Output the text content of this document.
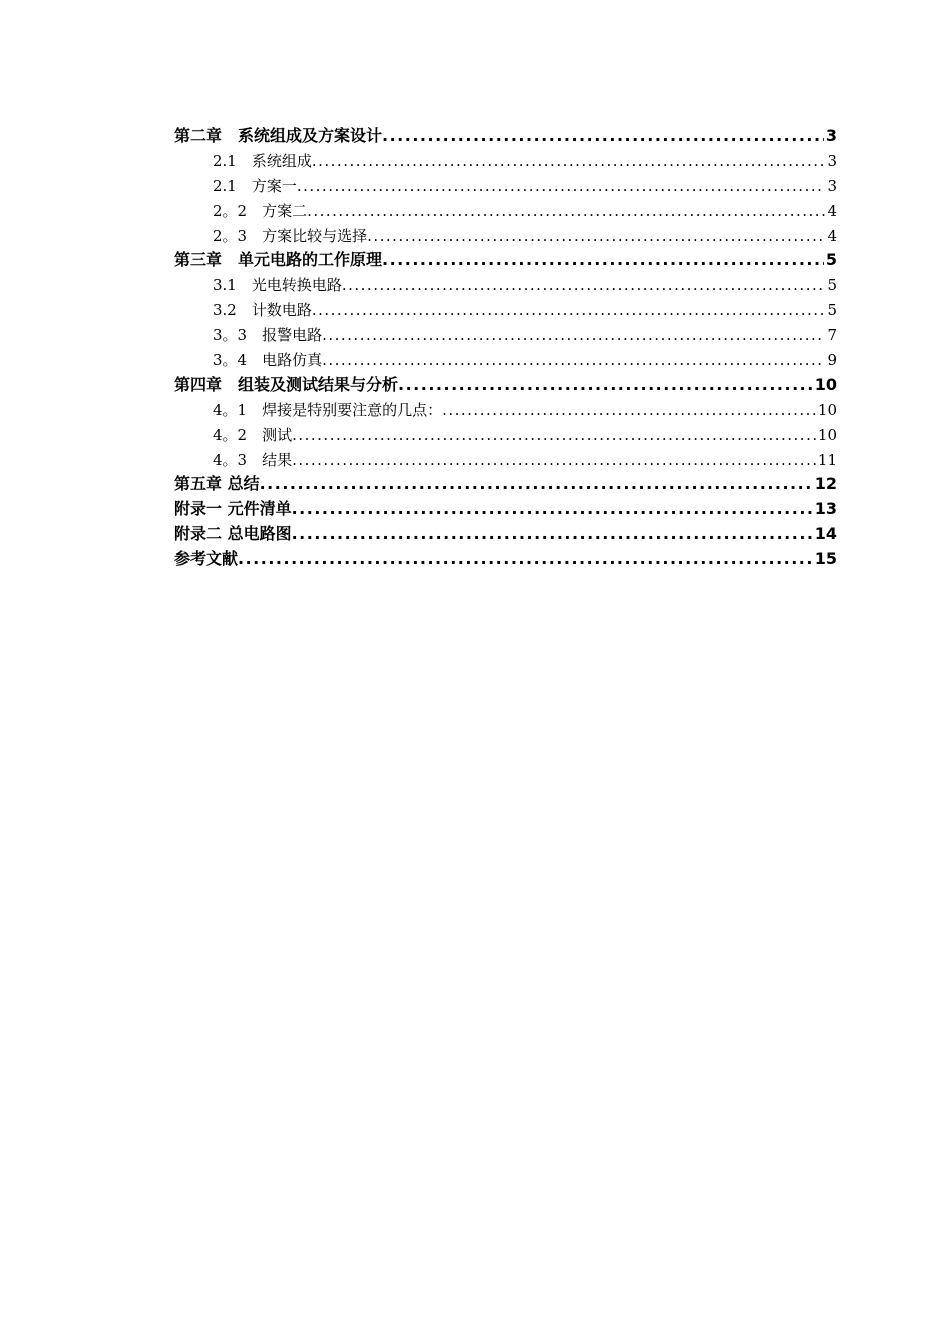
第二章　系统组成及方案设计 .....	3
2.1　系统组成 .....	3
2.1　方案一 .....	3
2。2　方案二 .....	4
2。3　方案比较与选择 .....	4
第三章　单元电路的工作原理 .....	5
3.1　光电转换电路 .....	5
3.2　计数电路 .....	5
3。3　报警电路 .....	7
3。4　电路仿真 .....	9
第四章　组装及测试结果与分析 .....	10
4。1　焊接是特别要注意的几点： .....	10
4。2　测试 .....	10
4。3　结果 .....	11
第五章 总结 .....	12
附录一 元件清单 .....	13
附录二 总电路图 .....	14
参考文献 .....	15
